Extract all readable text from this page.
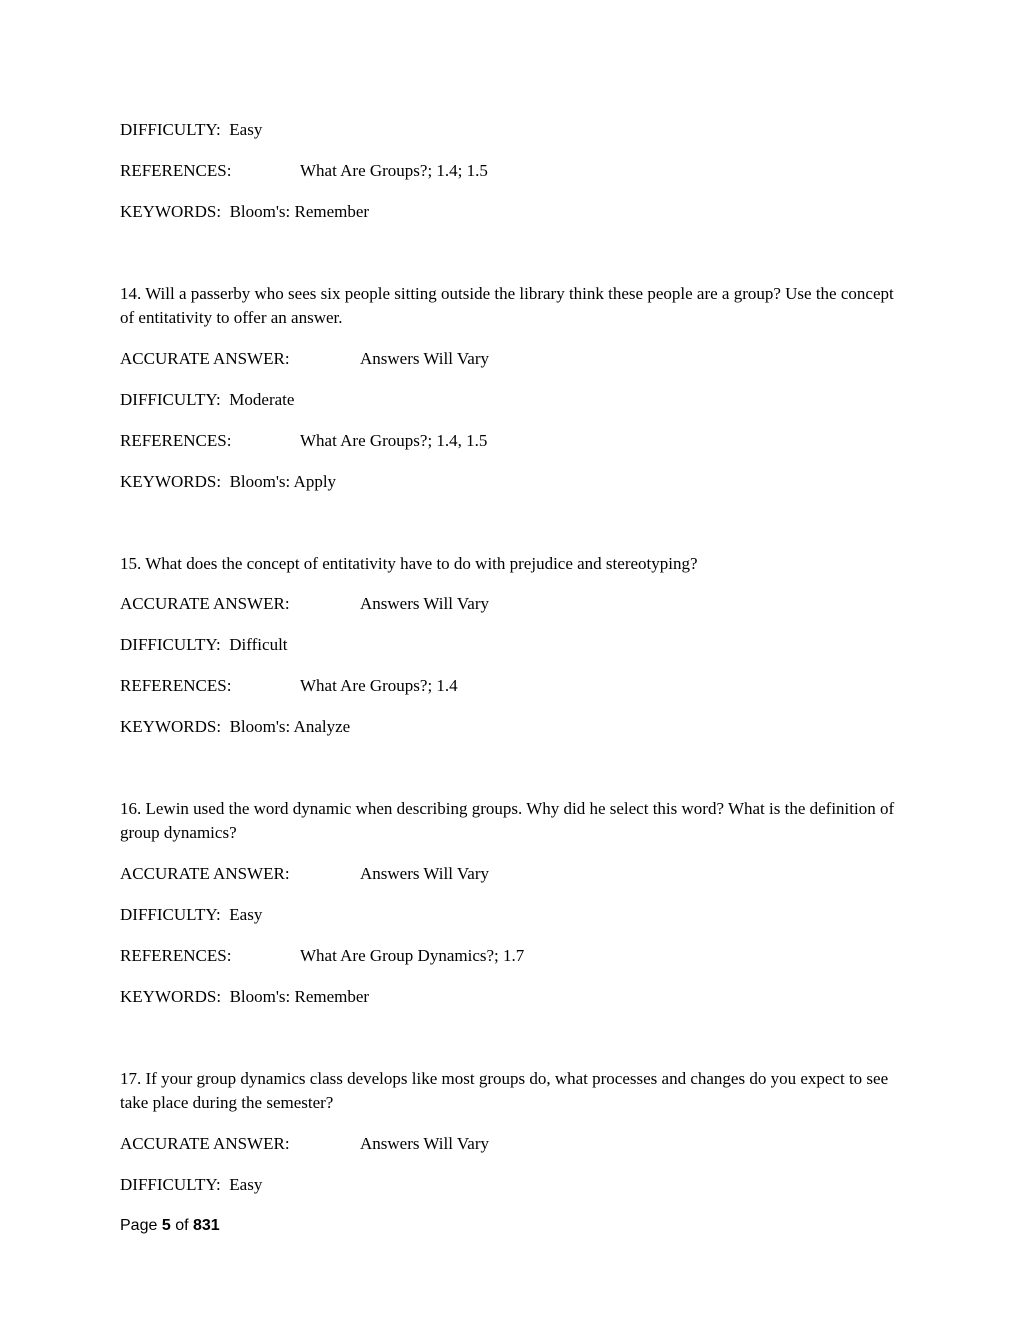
DIFFICULTY: Easy
REFERENCES:	What Are Groups?; 1.4; 1.5
KEYWORDS: Bloom's: Remember
14. Will a passerby who sees six people sitting outside the library think these people are a group? Use the concept of entitativity to offer an answer.
ACCURATE ANSWER:	Answers Will Vary
DIFFICULTY: Moderate
REFERENCES:	What Are Groups?; 1.4, 1.5
KEYWORDS: Bloom's: Apply
15. What does the concept of entitativity have to do with prejudice and stereotyping?
ACCURATE ANSWER:	Answers Will Vary
DIFFICULTY: Difficult
REFERENCES:	What Are Groups?; 1.4
KEYWORDS: Bloom's: Analyze
16. Lewin used the word dynamic when describing groups. Why did he select this word? What is the definition of group dynamics?
ACCURATE ANSWER:	Answers Will Vary
DIFFICULTY: Easy
REFERENCES:	What Are Group Dynamics?; 1.7
KEYWORDS: Bloom's: Remember
17. If your group dynamics class develops like most groups do, what processes and changes do you expect to see take place during the semester?
ACCURATE ANSWER:	Answers Will Vary
DIFFICULTY: Easy
Page 5 of 831
